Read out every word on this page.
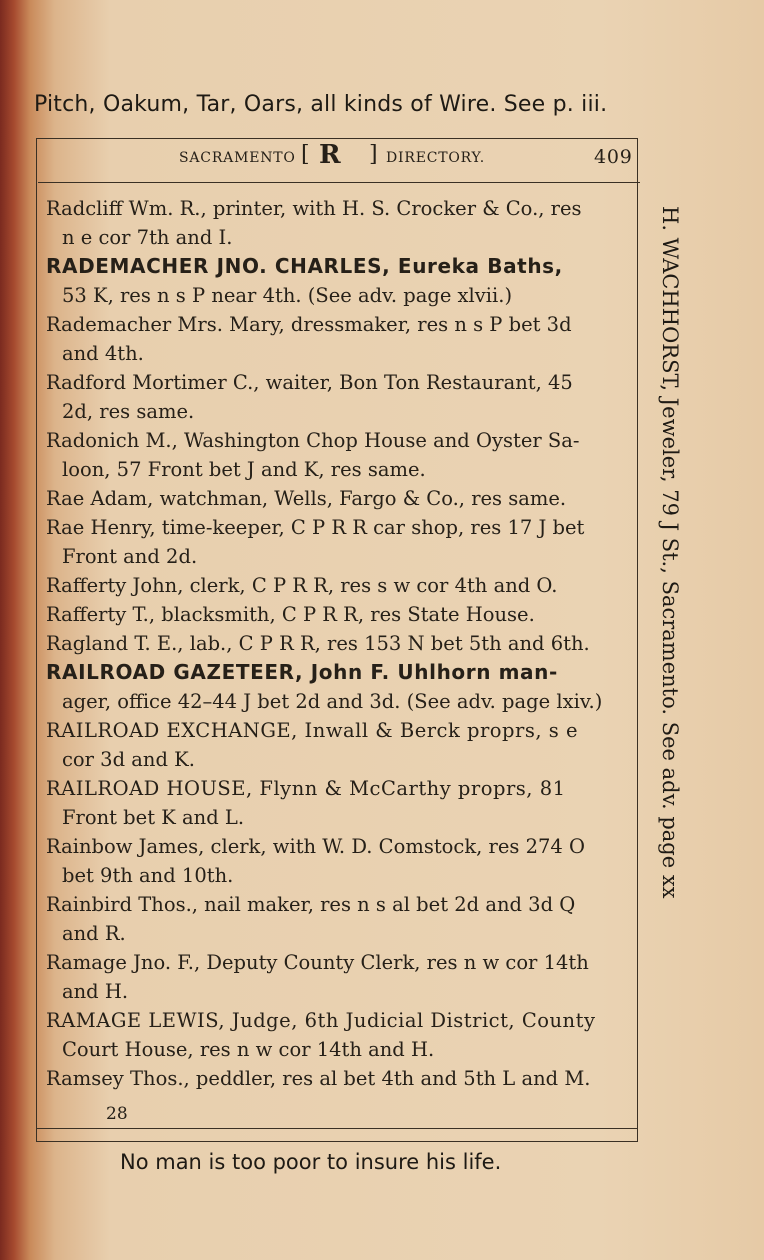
Pitch, Oakum, Tar, Oars, all kinds of Wire. See p. iii.
SACRAMENTO [ R ] DIRECTORY.	409
Radcliff Wm. R., printer, with H. S. Crocker & Co., res
n e cor 7th and I.
RADEMACHER JNO. CHARLES, Eureka Baths,
53 K, res n s P near 4th. (See adv. page xlvii.)
Rademacher Mrs. Mary, dressmaker, res n s P bet 3d
and 4th.
Radford Mortimer C., waiter, Bon Ton Restaurant, 45
2d, res same.
Radonich M., Washington Chop House and Oyster Sa-
loon, 57 Front bet J and K, res same.
Rae Adam, watchman, Wells, Fargo & Co., res same.
Rae Henry, time-keeper, C P R R car shop, res 17 J bet
Front and 2d.
Rafferty John, clerk, C P R R, res s w cor 4th and O.
Rafferty T., blacksmith, C P R R, res State House.
Ragland T. E., lab., C P R R, res 153 N bet 5th and 6th.
RAILROAD GAZETEER, John F. Uhlhorn man-
ager, office 42–44 J bet 2d and 3d. (See adv. page lxiv.)
RAILROAD EXCHANGE, Inwall & Berck proprs, s e
cor 3d and K.
RAILROAD HOUSE, Flynn & McCarthy proprs, 81
Front bet K and L.
Rainbow James, clerk, with W. D. Comstock, res 274 O
bet 9th and 10th.
Rainbird Thos., nail maker, res n s al bet 2d and 3d Q
and R.
Ramage Jno. F., Deputy County Clerk, res n w cor 14th
and H.
RAMAGE LEWIS, Judge, 6th Judicial District, County
Court House, res n w cor 14th and H.
Ramsey Thos., peddler, res al bet 4th and 5th L and M.
28
H. WACHHORST, Jeweler, 79 J St., Sacramento. See adv. page xx
No man is too poor to insure his life.
